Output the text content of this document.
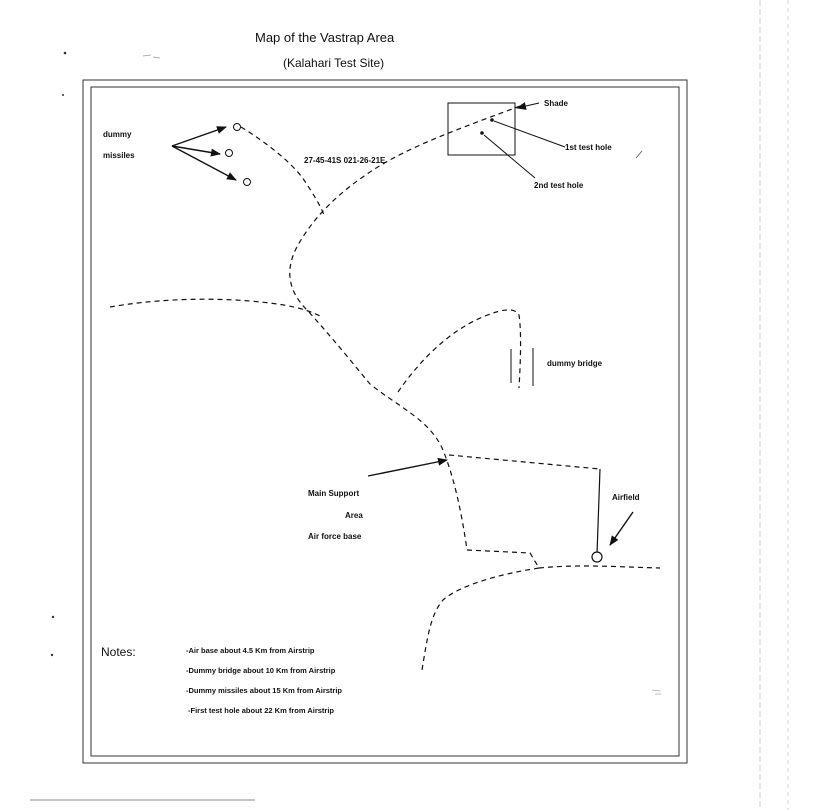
Map of the Vastrap Area
(Kalahari Test Site)
dummy
missiles
27-45-41S 021-26-21E
Shade
1st test hole
2nd test hole
dummy bridge
Main Support
Area
Air force base
Airfield
Notes:	-Air base about 4.5 Km from Airstrip
-Dummy bridge about 10 Km from Airstrip
-Dummy missiles about 15 Km from Airstrip
-First test hole about 22 Km from Airstrip
